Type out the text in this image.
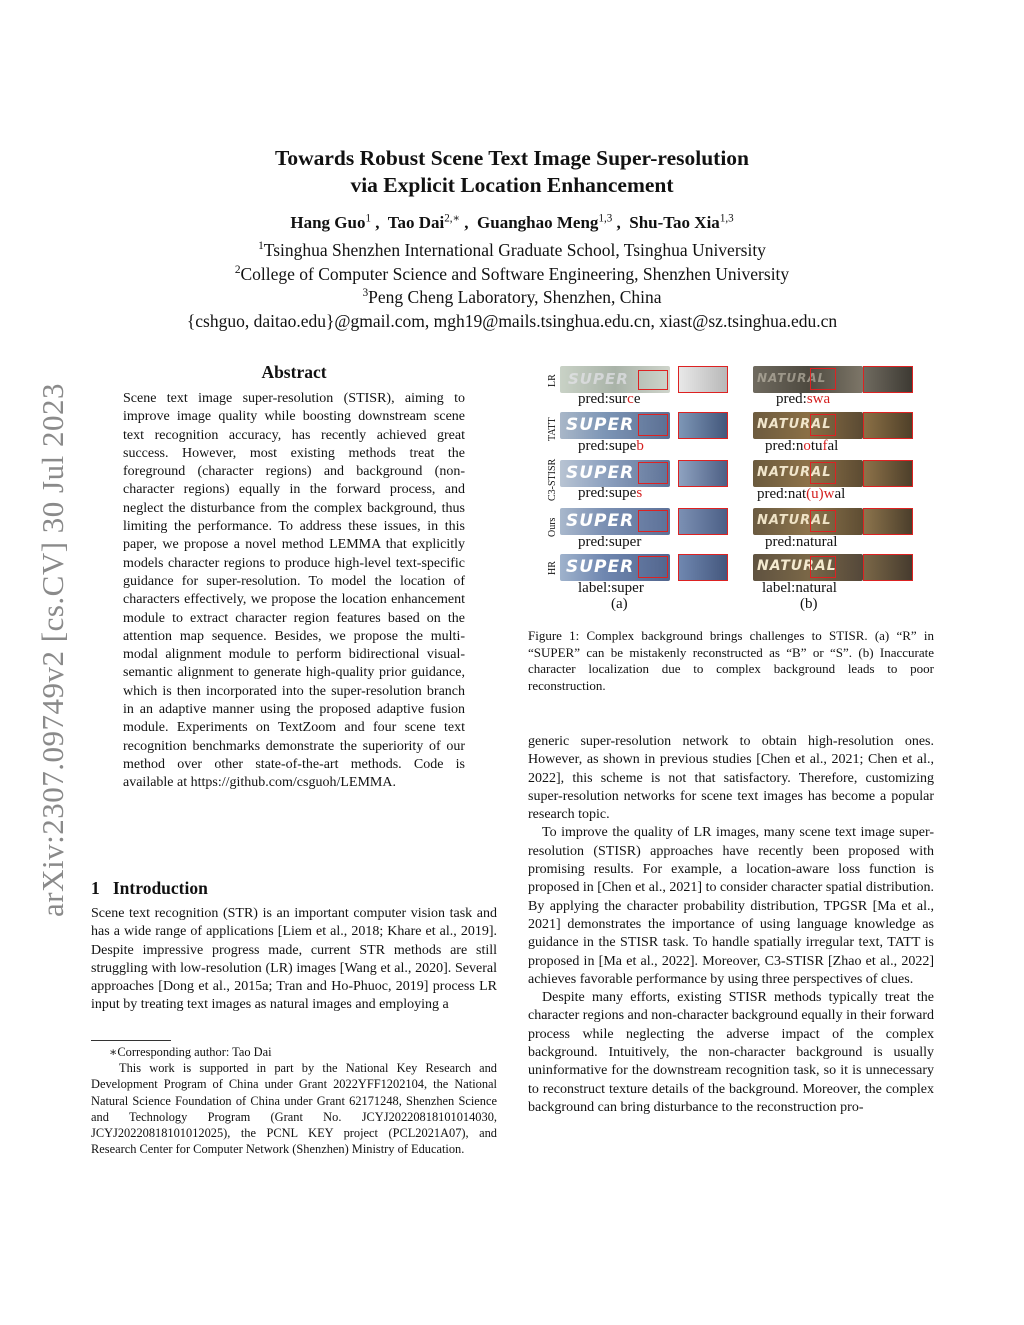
arXiv:2307.09749v2 [cs.CV] 30 Jul 2023
Towards Robust Scene Text Image Super-resolution
via Explicit Location Enhancement
Hang Guo$^1$ ,  Tao Dai$^{2,∗}$ ,  Guanghao Meng$^{1,3}$ ,  Shu-Tao Xia$^{1,3}$
$^1$Tsinghua Shenzhen International Graduate School, Tsinghua University
$^2$College of Computer Science and Software Engineering, Shenzhen University
$^3$Peng Cheng Laboratory, Shenzhen, China
{cshguo, daitao.edu}@gmail.com, mgh19@mails.tsinghua.edu.cn, xiast@sz.tsinghua.edu.cn
Abstract

Scene text image super-resolution (STISR), aiming to improve image quality while boosting downstream scene text recognition accuracy, has recently achieved great success. However, most existing methods treat the foreground (character regions) and background (non-character regions) equally in the forward process, and neglect the disturbance from the complex background, thus limiting the performance. To address these issues, in this paper, we propose a novel method LEMMA that explicitly models character regions to produce high-level text-specific guidance for super-resolution. To model the location of characters effectively, we propose the location enhancement module to extract character region features based on the attention map sequence. Besides, we propose the multi-modal alignment module to perform bidirectional visual-semantic alignment to generate high-quality prior guidance, which is then incorporated into the super-resolution branch in an adaptive manner using the proposed adaptive fusion module. Experiments on TextZoom and four scene text recognition benchmarks demonstrate the superiority of our method over other state-of-the-art methods. Code is available at https://github.com/csguoh/LEMMA.

1 Introduction

Scene text recognition (STR) is an important computer vision task and has a wide range of applications [Liem et al., 2018; Khare et al., 2019]. Despite impressive progress made, current STR methods are still struggling with low-resolution (LR) images [Wang et al., 2020]. Several approaches [Dong et al., 2015a; Tran and Ho-Phuoc, 2019] process LR input by treating text images as natural images and employing a

∗Corresponding author: Tao Dai
This work is supported in part by the National Key Research and Development Program of China under Grant 2022YFF1202104, the National Natural Science Foundation of China under Grant 62171248, Shenzhen Science and Technology Program (Grant No. JCYJ20220818101014030, JCYJ20220818101012025), the PCNL KEY project (PCL2021A07), and Research Center for Computer Network (Shenzhen) Ministry of Education.
LR
TATT
C3-STISR
Ours
HR
SUPER
SUPER
SUPER
SUPER
SUPER
pred:surce
pred:supeb
pred:supes
pred:super
label:super
(a)
NATURAL
NATURAL
NATURAL
NATURAL
NATURAL
pred:swa
pred:notufal
pred:nat(u)wal
pred:natural
label:natural
(b)
Figure 1: Complex background brings challenges to STISR. (a) “R” in “SUPER” can be mistakenly reconstructed as “B” or “S”. (b) Inaccurate character localization due to complex background leads to poor reconstruction.

generic super-resolution network to obtain high-resolution ones. However, as shown in previous studies [Chen et al., 2021; Chen et al., 2022], this scheme is not that satisfactory. Therefore, customizing super-resolution networks for scene text images has become a popular research topic.

To improve the quality of LR images, many scene text image super-resolution (STISR) approaches have recently been proposed with promising results. For example, a location-aware loss function is proposed in [Chen et al., 2021] to consider character spatial distribution. By applying the character probability distribution, TPGSR [Ma et al., 2021] demonstrates the importance of using language knowledge as guidance in the STISR task. To handle spatially irregular text, TATT is proposed in [Ma et al., 2022]. Moreover, C3-STISR [Zhao et al., 2022] achieves favorable performance by using three perspectives of clues.

Despite many efforts, existing STISR methods typically treat the character regions and non-character background equally in their forward process while neglecting the adverse impact of the complex background. Intuitively, the non-character background is usually uninformative for the downstream recognition task, so it is unnecessary to reconstruct texture details of the background. Moreover, the complex background can bring disturbance to the reconstruction pro-
